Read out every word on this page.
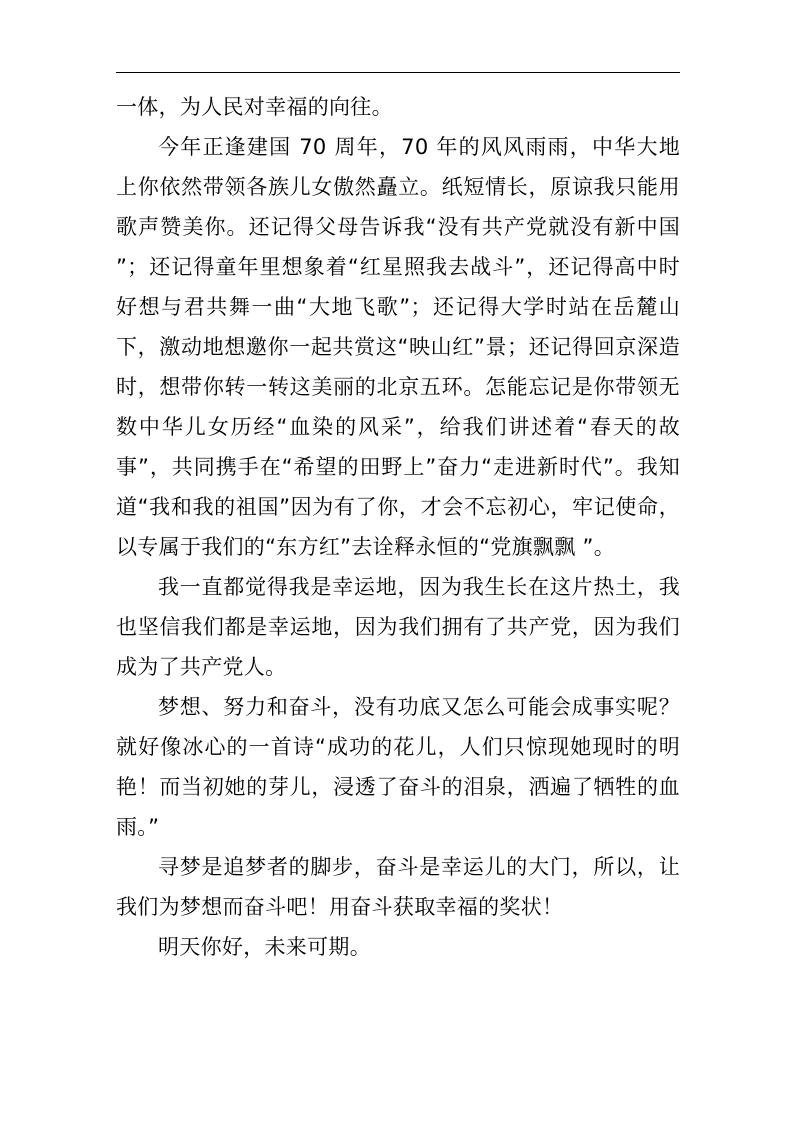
一体，为人民对幸福的向往。

今年正逢建国 70 周年，70 年的风风雨雨，中华大地上你依然带领各族儿女傲然矗立。纸短情长，原谅我只能用歌声赞美你。还记得父母告诉我“没有共产党就没有新中国 ”；还记得童年里想象着“红星照我去战斗”，还记得高中时好想与君共舞一曲“大地飞歌”；还记得大学时站在岳麓山下，激动地想邀你一起共赏这“映山红”景；还记得回京深造时，想带你转一转这美丽的北京五环。怎能忘记是你带领无数中华儿女历经“血染的风采”，给我们讲述着“春天的故事”，共同携手在“希望的田野上”奋力“走进新时代”。我知道“我和我的祖国”因为有了你，才会不忘初心，牢记使命，以专属于我们的“东方红”去诠释永恒的“党旗飘飘 ”。

我一直都觉得我是幸运地，因为我生长在这片热土，我也坚信我们都是幸运地，因为我们拥有了共产党，因为我们成为了共产党人。

梦想、努力和奋斗，没有功底又怎么可能会成事实呢？就好像冰心的一首诗“成功的花儿，人们只惊现她现时的明艳！而当初她的芽儿，浸透了奋斗的泪泉，洒遍了牺牲的血雨。”

寻梦是追梦者的脚步，奋斗是幸运儿的大门，所以，让我们为梦想而奋斗吧！用奋斗获取幸福的奖状！

明天你好，未来可期。
